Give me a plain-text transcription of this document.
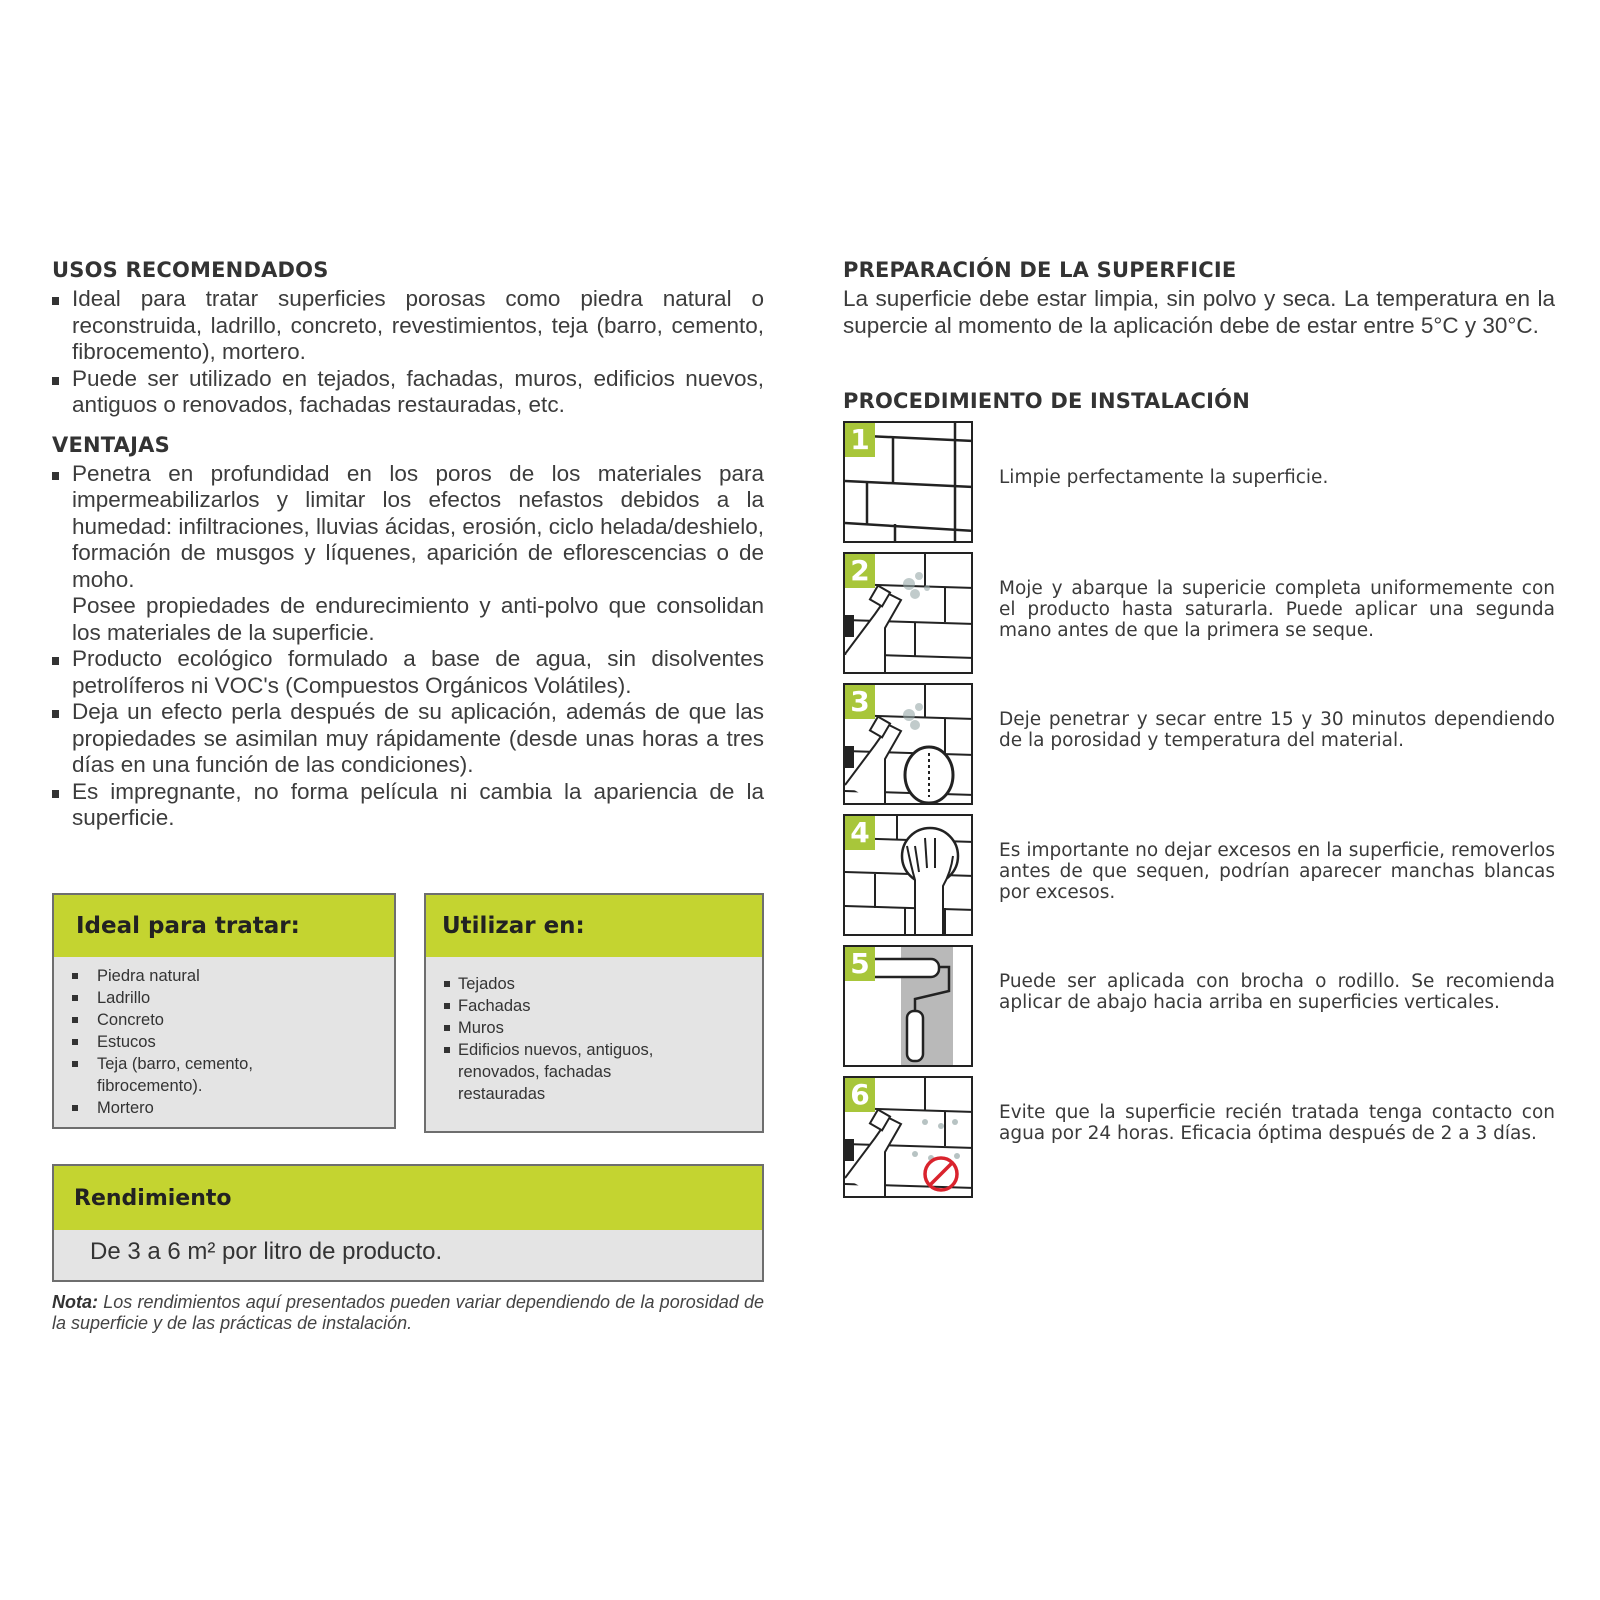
USOS RECOMENDADOS
Ideal para tratar superficies porosas como piedra natural o reconstruida, ladrillo, concreto, revestimientos, teja (barro, cemento, fibrocemento), mortero.
Puede ser utilizado en tejados, fachadas, muros, edificios nuevos, antiguos o renovados, fachadas restauradas, etc.
VENTAJAS
Penetra en profundidad en los poros de los materiales para impermeabilizarlos y limitar los efectos nefastos debidos a la humedad: infiltraciones, lluvias ácidas, erosión, ciclo helada/deshielo, formación de musgos y líquenes, aparición de eflorescencias o de moho.
Posee propiedades de endurecimiento y anti-polvo que consolidan los materiales de la superficie.
Producto ecológico formulado a base de agua, sin disolventes petrolíferos ni VOC's (Compuestos Orgánicos Volátiles).
Deja un efecto perla después de su aplicación, además de que las propiedades se asimilan muy rápidamente (desde unas horas a tres días en una función de las condiciones).
Es impregnante, no forma película ni cambia la apariencia de la superficie.
Ideal para tratar:
Piedra natural
Ladrillo
Concreto
Estucos
Teja (barro, cemento,
fibrocemento).
Mortero
Utilizar en:
Tejados
Fachadas
Muros
Edificios nuevos, antiguos,
renovados, fachadas
restauradas
Rendimiento
De 3 a 6 m² por litro de producto.
Nota: Los rendimientos aquí presentados pueden variar dependiendo de la porosidad de la superficie y de las prácticas de instalación.
PREPARACIÓN DE LA SUPERFICIE

La superficie debe estar limpia, sin polvo y seca. La temperatura en la supercie al momento de la aplicación debe de estar entre 5°C y 30°C.

PROCEDIMIENTO DE INSTALACIÓN
1
Limpie perfectamente la superficie.
2
Moje y abarque la supericie completa uniformemente con el producto hasta saturarla. Puede aplicar una segunda mano antes de que la primera se seque.
3
Deje penetrar y secar entre 15 y 30 minutos dependiendo de la porosidad y temperatura del material.
4
Es importante no dejar excesos en la superficie, removerlos antes de que sequen, podrían aparecer manchas blancas por excesos.
5
Puede ser aplicada con brocha o rodillo. Se recomienda aplicar de abajo hacia arriba en superficies verticales.
6
Evite que la superficie recién tratada tenga contacto con agua por 24 horas. Eficacia óptima después de 2 a 3 días.
